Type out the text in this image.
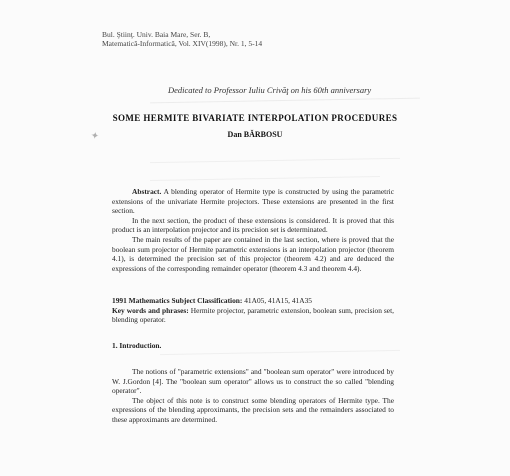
 ​
✦
Bul. Ştiinţ. Univ. Baia Mare, Ser. B,
Matematică-Informatică, Vol. XIV(1998), Nr. 1, 5-14
Dedicated to Professor Iuliu Crivăţ on his 60th anniversary
SOME HERMITE BIVARIATE INTERPOLATION PROCEDURES
Dan BĂRBOSU
Abstract. A blending operator of Hermite type is constructed by using the parametric extensions of the univariate Hermite projectors. These extensions are presented in the first section.
In the next section, the product of these extensions is considered. It is proved that this product is an interpolation projector and its precision set is determinated.
The main results of the paper are contained in the last section, where is proved that the boolean sum projector of Hermite parametric extensions is an interpolation projector (theorem 4.1), is determined the precision set of this projector (theorem 4.2) and are deduced the expressions of the corresponding remainder operator (theorem 4.3 and theorem 4.4).
1991 Mathematics Subject Classification: 41A05, 41A15, 41A35
Key words and phrases: Hermite projector, parametric extension, boolean sum, precision set, blending operator.
1. Introduction.
The notions of "parametric extensions" and "boolean sum operator" were introduced by W. J.Gordon [4]. The "boolean sum operator" allows us to construct the so called "blending operator".
The object of this note is to construct some blending operators of Hermite type. The expressions of the blending approximants, the precision sets and the remainders associated to these approximants are determined.
